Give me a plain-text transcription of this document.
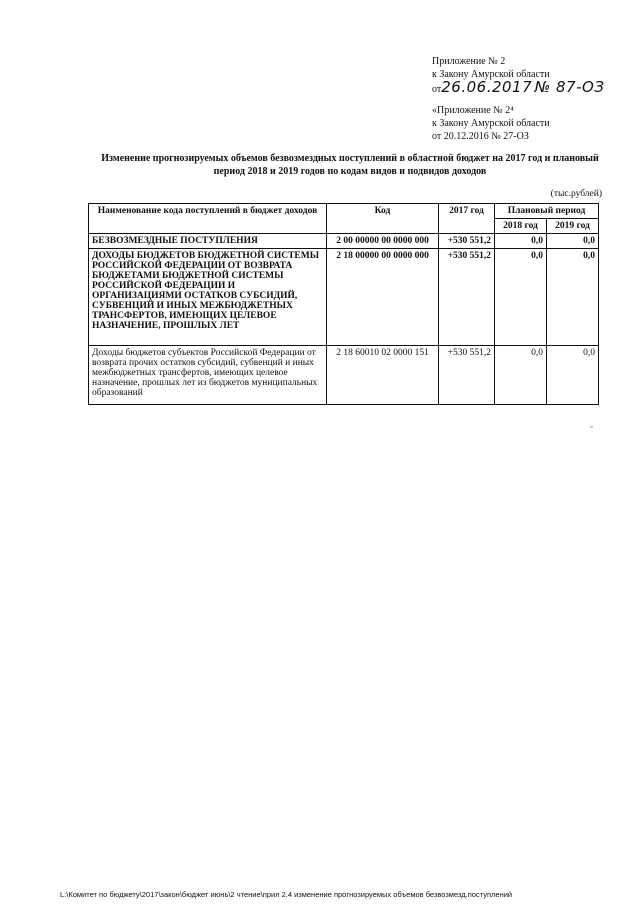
Приложение № 2
к Закону Амурской области
от26.06.2017 № 87-ОЗ
«Приложение № 2⁴
к Закону Амурской области
от 20.12.2016 № 27-ОЗ
Изменение прогнозируемых объемов безвозмездных поступлений в областной бюджет на 2017 год и плановый период 2018 и 2019 годов по кодам видов и подвидов доходов
(тыс.рублей)
Наименование кода поступлений в бюджет доходов	Код	2017 год	Плановый период	
			2018 год	2019 год
БЕЗВОЗМЕЗДНЫЕ ПОСТУПЛЕНИЯ	2 00 00000 00 0000 000	+530 551,2	0,0	0,0
ДОХОДЫ БЮДЖЕТОВ БЮДЖЕТНОЙ СИСТЕМЫ РОССИЙСКОЙ ФЕДЕРАЦИИ ОТ ВОЗВРАТА БЮДЖЕТАМИ БЮДЖЕТНОЙ СИСТЕМЫ РОССИЙСКОЙ ФЕДЕРАЦИИ И ОРГАНИЗАЦИЯМИ ОСТАТКОВ СУБСИДИЙ, СУБВЕНЦИЙ И ИНЫХ МЕЖБЮДЖЕТНЫХ ТРАНСФЕРТОВ, ИМЕЮЩИХ ЦЕЛЕВОЕ НАЗНАЧЕНИЕ, ПРОШЛЫХ ЛЕТ	2 18 00000 00 0000 000	+530 551,2	0,0	0,0
Доходы бюджетов субъектов Российской Федерации от возврата прочих остатков субсидий, субвенций и иных межбюджетных трансфертов, имеющих целевое назначение, прошлых лет из бюджетов муниципальных образований	2 18 60010 02 0000 151	+530 551,2	0,0	0,0
»
L:\Комитет по бюджету\2017\закон\бюджет июнь\2 чтение\прил 2.4 изменение прогнозируемых объемов безвозмезд.поступлений
